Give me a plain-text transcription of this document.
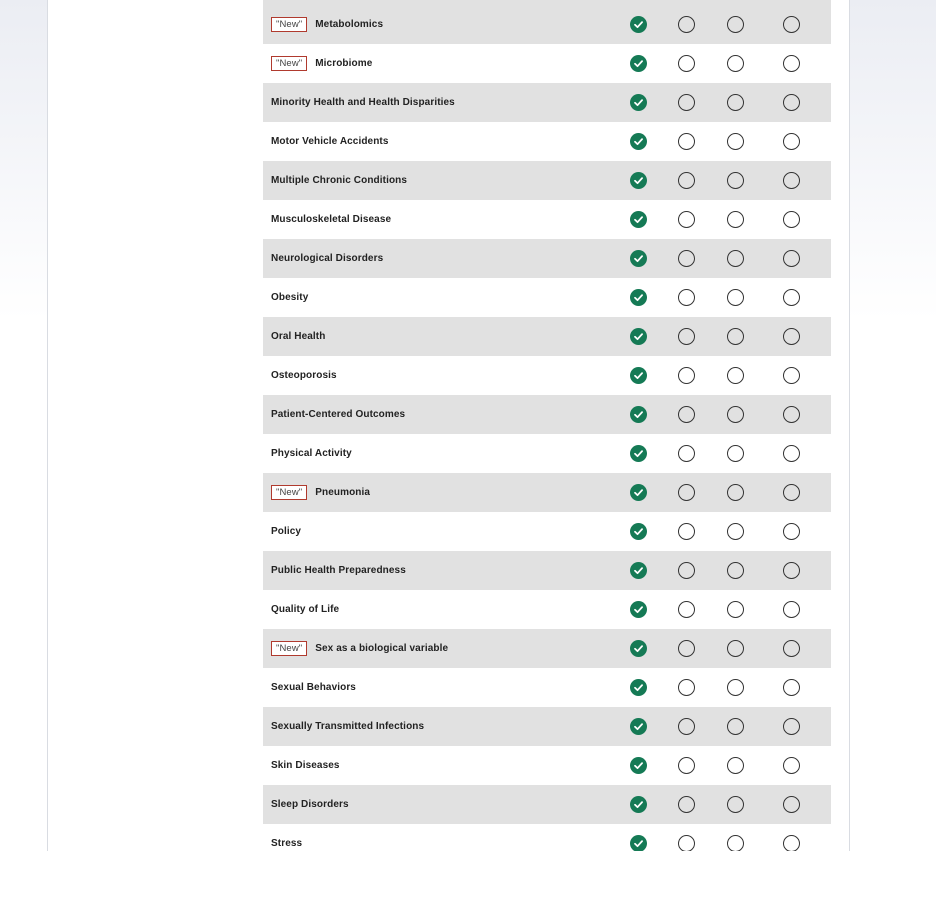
"New"	Metabolomics
"New"	Microbiome
Minority Health and Health Disparities
Motor Vehicle Accidents
Multiple Chronic Conditions
Musculoskeletal Disease
Neurological Disorders
Obesity
Oral Health
Osteoporosis
Patient-Centered Outcomes
Physical Activity
"New"	Pneumonia
Policy
Public Health Preparedness
Quality of Life
"New"	Sex as a biological variable
Sexual Behaviors
Sexually Transmitted Infections
Skin Diseases
Sleep Disorders
Stress
